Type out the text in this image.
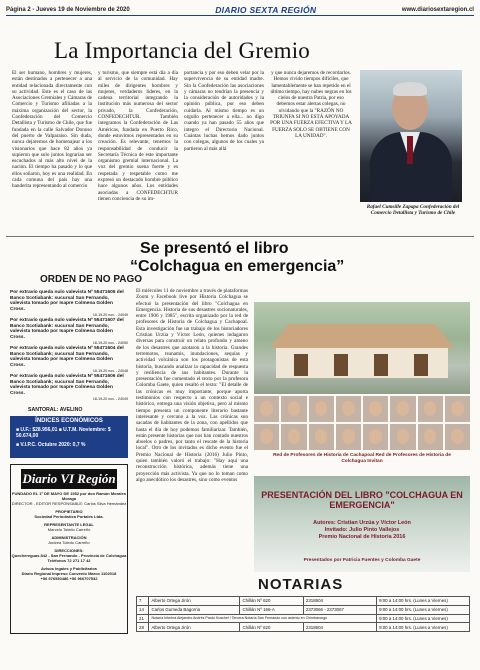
Página 2 - Jueves 19 de Noviembre de 2020	DIARIO SEXTA REGIÓN	www.diariosextaregion.cl
La Importancia del Gremio
El ser humano, hombres y mujeres, están destinados a pertenecer a una entidad relacionada directamente con su actividad. Este es el caso de las Asociaciones Gremiales y Cámaras de Comercio y Turismo afiliadas a la máxima organización del sector, la Confederación del Comercio Detallista y Turismo de Chile, que fue fundada en la calle Salvador Donoso del puerto de Valparaíso. Sin duda, nunca dejaremos de homenajear a los visionarios que hace 82 años ya supieron que solo juntos lograrían ser escuchados al más alto nivel de la nación. El tiempo ha pasado y lo que ellos soñaron, hoy es una realidad. En cada comuna del país hay una banderita representando al comercio
y turismo, que siempre está día a día al servicio de la comunidad. Hay miles de dirigentes hombres y mujeres, verdaderos líderes, en la cadena territorial integrando la institución más numerosa del sector privado, la Confederación, CONFEDECHTUR. También integramos la Confederación de Las Américas, fundada en Puerto Rico, donde estuvimos representados en su creación. Es relevante, tenemos la responsabilidad de conducir la Secretaría Técnica de este importante organismo gremial internacional. La voz del gremio suena fuerte y es respetada y respetable como me expresó un destacado hombre público hace algunos años. Los entidades asociadas a CONFEDECHTUR tienen conciencia de su im-
portancia y por eso deben velar por la supervivencia de su entidad madre. Sin la Confederación las asociaciones y cámaras no tendrían la presencia y la consideración de autoridades y la opinión pública, por eso deben cuidarla. Al mismo tiempo es un orgullo pertenecer a ella... no digo cuando ya han pasado 55 años que integro el Directorio Nacional. Cuántas luchas hemos dado juntos con colegas, algunos de los cuales ya partieron al más allá
y que nunca dejaremos de recordarlos. Hemos vivido tiempos difíciles, que lamentablemente se han repetido en el último tiempo, hay nubes negras en los cielos de nuestra Patria, por eso debemos estar alertas colegas, no olvidando que la "RAZÓN NO TRIUNFA SI NO ESTÁ APOYADA POR UNA FUERZA EFECTIVA Y LA FUERZA SOLO SE OBTIENE CON LA UNIDAD".
Rafael Cumsille Zapapa Confederación del Comercio Detallista y Turismo de Chile
Se presentó el libro
“Colchagua en emergencia”
ORDEN DE NO PAGO
Por extravío queda nulo valevista Nº 55471605 del Banco Scotiabank: sucursal San Fernando, valevista tomado por Isapre Colmena Golden Cross.
18-19-20 nov. - 24049
Por extravío queda nulo valevista Nº 55471607 del Banco Scotiabank: sucursal San Fernando, valevista tomado por Isapre Colmena Golden Cross.
18-19-20 nov. - 24050
Por extravío queda nulo valevista Nº 55471604 del Banco Scotiabank; sucursal San Fernando, valevista tomado por Isapre Colmena Golden Cross.
18-19-20 nov. - 24048
Por extravío queda nulo valevista Nº 55471606 del Banco Scotiabank; sucursal San Fernando, valevista tomado por Isapre Colmena Golden Cross.
18-19-20 nov. - 24049
SANTORAL: AVELINO
ÍNDICES ECONÓMICOS
■ U.F.: $28.956,01 ■ U.T.M. Noviembre: $ 50.674,00
■ V.I.P.C. Octubre 2020: 0,7 %
Diario VI Región
FUNDADO EL 1º DE MAYO DE 1952 por don Ramón Morales Moraga
DIRECTOR - EDITOR RESPONSABLE: Carlos Silva Hernández
PROPIETARIO
Sociedad Periodística Portales Ltda.
REPRESENTANTE LEGAL
Marcelo Toledo Carreño
ADMINISTRACIÓN
Andrea Toledo Carreño
DIRECCIONES:
Quechereguas 842 - San Fernando - Provincia de Colchagua
Teléfonos 72 271 17 42
Avisos legales y Publicitarios
Diario Regional Impreso Convenio Marco 1102018
+56 976530486 +56 966707532
El miércoles 11 de noviembre a través de plataformas Zoom y Facebook live por Historia Colchagua se efectuó la presentación del libro "Colchagua en Emergencia. Historia de sus desastres socionaturales, entre 1906 y 1985", escrita organizado por la red de profesores de Historia de Colchagua y Cachapoal. Esta investigación fue un trabajo de los historiadores Cristian Urzúa y Víctor León, quienes indagaron diversas para construir un relato profundo y ameno de los desastres que azotaron a la historia. Grandes terremotos, tsunamis, inundaciones, sequías y actividad volcánica son los protagonistas de esta historia, buscando analizar la capacidad de respuesta y resiliencia de sus habitantes. Durante la presentación fue comentado el texto por la profesora Colomba Gaete, quien resaltó el texto: "El detalle de las crónicas es muy importante, porque aporta testimonios con respecto a un contexto social e histórico, entrega una visión objetiva, pero al mismo tiempo presenta un componente literario bastante interesante y cercano a la voz. Las crónicas son sacadas de habitantes de la zona, con apellidos que hasta el día de hoy podemos familiarizar. También, están presente historias que nos han contado nuestros abuelos o padres, por tanto el rescate de la historia local". Otro de los invitados es dicho evento fue el Premio Nacional de Historia (2016) Julio Pinto, quien también valoró el trabajo: "Hay aquí una reconstrucción histórica, además tiene una proyección más activista. Ya que no lo toman como algo anecdótico los desastres, sino como eventos
Red de Profesores de Historia de Cachapoal Red de Profesores de Historia de Colchagua Invitan
PRESENTACIÓN DEL LIBRO "COLCHAGUA EN EMERGENCIA"
Autores: Cristian Urzúa y Víctor León
Invitado: Julio Pinto Vallejos
Premio Nacional de Historia 2016
Presentados por Patricia Fuentes y Colomba Gaete
NOTARIAS
7	Alberto Ortega Jirón	Chillán Nº 620	2318604	9:00 a 14:00 hrs. (Lunes a Viernes)
14	Carlos Gumeda Bagorria	Chillán Nº 166-A	2373066 - 2373067	9:00 a 14:00 hrs. (Lunes a Viernes)
21	Notaría Interina Alejandro Andrés Pardo Kuschel / Tercera Notaría San Fernando con asiento en Chimbarongo			9:00 a 14:00 hrs. (Lunes a Viernes)
28	Alberto Ortega Jirón	Chillán Nº 620	2318604	9:00 a 14:00 hrs. (Lunes a Viernes)
